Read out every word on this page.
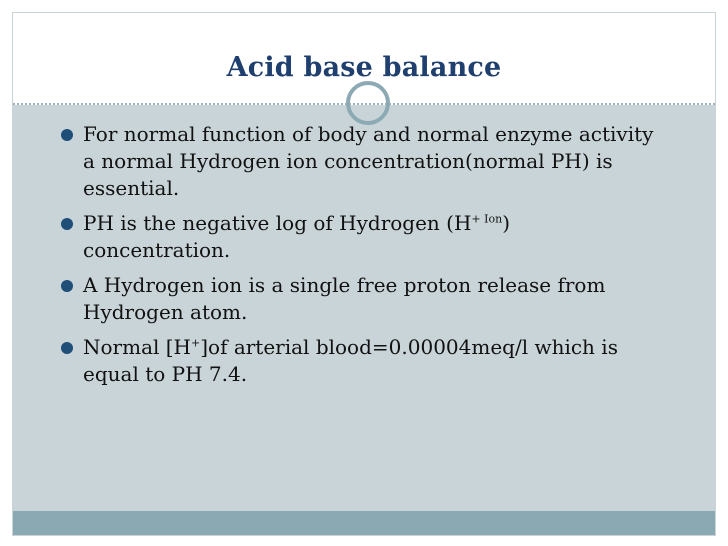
Acid base balance
For normal function of body and normal enzyme activity a normal Hydrogen ion concentration(normal PH) is essential.
PH is the negative log of Hydrogen $(H^{+ Ion})$ concentration.
A Hydrogen ion is a single free proton release from Hydrogen atom.
Normal [H+]of arterial blood=0.00004meq/l which is equal to PH 7.4.
